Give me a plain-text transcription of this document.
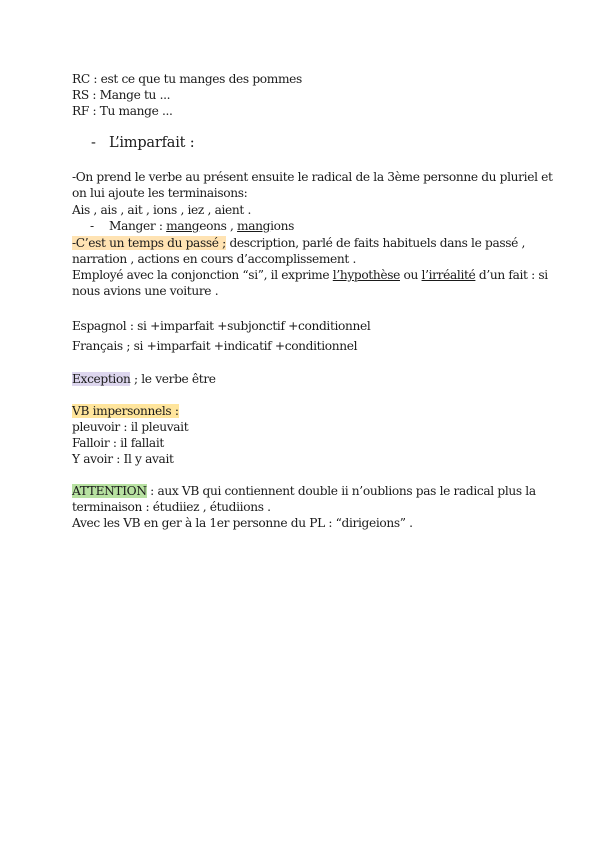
RC : est ce que tu manges des pommes
RS : Mange tu ...
RF : Tu mange ...
- L’imparfait :
-On prend le verbe au présent ensuite le radical de la 3ème personne du pluriel et
on lui ajoute les terminaisons:
Ais , ais , ait , ions , iez , aient .
- Manger : mangeons , mangions
-C’est un temps du passé ; description, parlé de faits habituels dans le passé ,
narration , actions en cours d’accomplissement .
Employé avec la conjonction “si”, il exprime l’hypothèse ou l’irréalité d’un fait : si
nous avions une voiture .
Espagnol : si +imparfait +subjonctif +conditionnel
Français ; si +imparfait +indicatif +conditionnel
Exception ; le verbe être
VB impersonnels :
pleuvoir : il pleuvait
Falloir : il fallait
Y avoir : Il y avait
ATTENTION : aux VB qui contiennent double ii n’oublions pas le radical plus la
terminaison : étudiiez , étudiions .
Avec les VB en ger à la 1er personne du PL : “dirigeions” .
